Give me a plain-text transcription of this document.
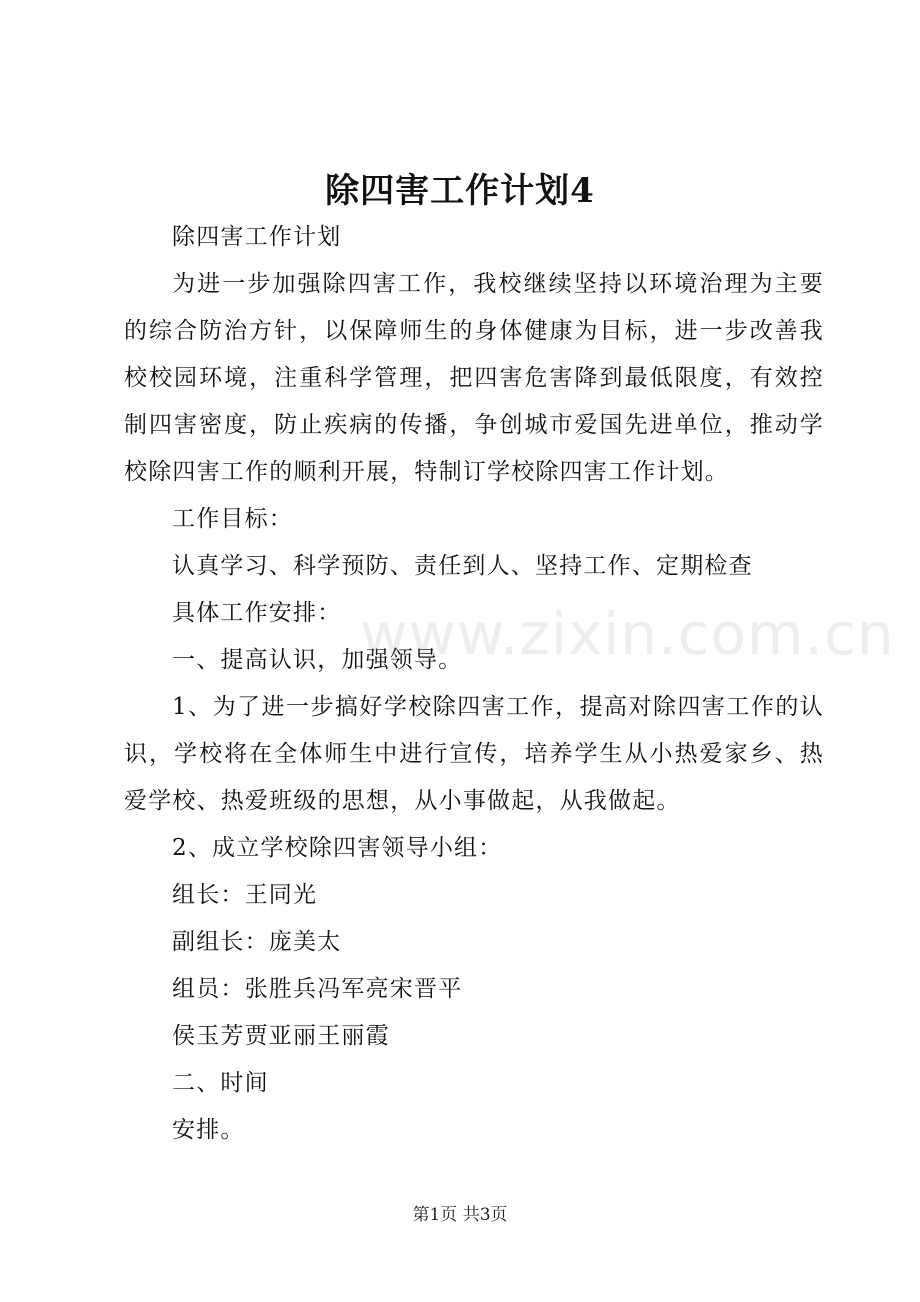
除四害工作计划4

除四害工作计划

为进一步加强除四害工作，我校继续坚持以环境治理为主要的综合防治方针，以保障师生的身体健康为目标，进一步改善我校校园环境，注重科学管理，把四害危害降到最低限度，有效控制四害密度，防止疾病的传播，争创城市爱国先进单位，推动学校除四害工作的顺利开展，特制订学校除四害工作计划。

工作目标：

认真学习、科学预防、责任到人、坚持工作、定期检查

具体工作安排：

一、提高认识，加强领导。

1、为了进一步搞好学校除四害工作，提高对除四害工作的认识，学校将在全体师生中进行宣传，培养学生从小热爱家乡、热爱学校、热爱班级的思想，从小事做起，从我做起。

2、成立学校除四害领导小组：

组长：王同光

副组长：庞美太

组员：张胜兵冯军亮宋晋平

侯玉芳贾亚丽王丽霞

二、时间

安排。

www.zixin.com.cn
第1页 共3页
